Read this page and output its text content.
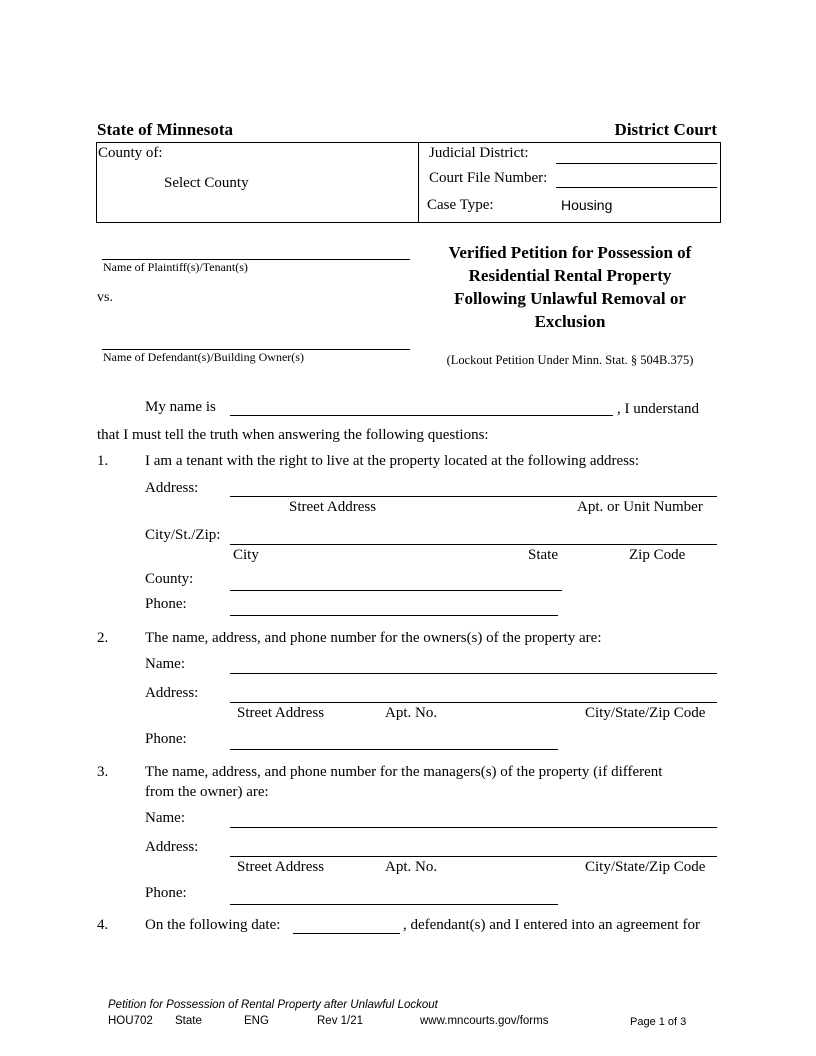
State of Minnesota	District Court
County of:
Select County
Judicial District:
Court File Number:
Case Type:	Housing
Name of Plaintiff(s)/Tenant(s)
vs.
Name of Defendant(s)/Building Owner(s)
Verified Petition for Possession of
Residential Rental Property
Following Unlawful Removal or
Exclusion
(Lockout Petition Under Minn. Stat. § 504B.375)
My name is	, I understand
that I must tell the truth when answering the following questions:
1. I am a tenant with the right to live at the property located at the following address:
Address:
Street Address	Apt. or Unit Number
City/St./Zip:
City	State	Zip Code
County:
Phone:
2. The name, address, and phone number for the owners(s) of the property are:
Name:
Address:
Street Address	Apt. No.	City/State/Zip Code
Phone:
3. The name, address, and phone number for the managers(s) of the property (if different
from the owner) are:
Name:
Address:
Street Address	Apt. No.	City/State/Zip Code
Phone:
4. On the following date:	, defendant(s) and I entered into an agreement for
Petition for Possession of Rental Property after Unlawful Lockout
HOU702 State	ENG	Rev 1/21	www.mncourts.gov/forms	Page 1 of 3
